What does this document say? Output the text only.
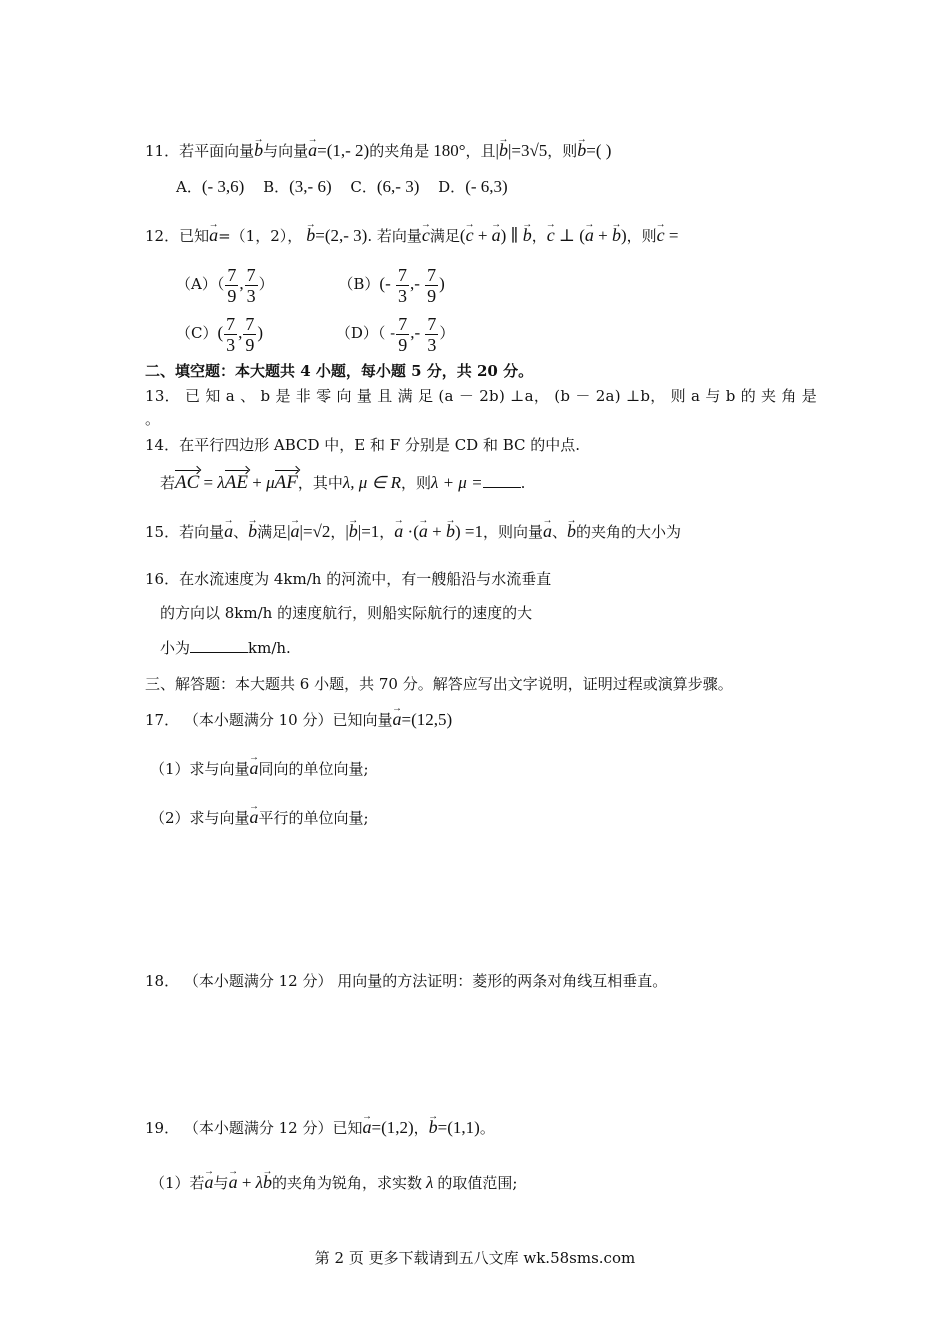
11．若平面向量→ b与向量→ a=(1,- 2)的夹角是 180°，且|→ b|=3√5，则→ b=( )
A．(- 3,6) B．(3,- 6) C．(6,- 3) D．(- 6,3)
12．已知→ a=（1，2），→ b=(2,- 3). 若向量→ c满足(→ c + → a) ∥ → b，→ c ⊥ (→ a + → b)，则→ c =
$(A)( \frac{7}{9}$ , $\frac{7}{3}$ ）	$(B)(- \frac{7}{3}$ ,- $\frac{7}{9}$ )
$(C)( \frac{7}{3}$ , $\frac{7}{9}$ )	$(D)( - \frac{7}{9}$ ,- $\frac{7}{3}$ ）
二、填空题：本大题共 4 小题，每小题 5 分，共 20 分。
13． 已 知 a 、 b 是 非 零 向 量 且 满 足 (a － 2b) ⊥a， (b － 2a) ⊥b， 则 a 与 b 的 夹 角 是
。
14．在平行四边形 ABCD 中，E 和 F 分别是 CD 和 BC 的中点.
若AC = λAE + μAF，其中λ, μ ∈ R，则λ + μ =	.
15．若向量→ a、→ b满足|→ a|=√2，|→ b|=1，→ a ·(→ a + → b) =1，则向量→ a、→ b的夹角的大小为
16．在水流速度为 4km/h 的河流中，有一艘船沿与水流垂直
的方向以 8km/h 的速度航行，则船实际航行的速度的大
小为	km/h.
三、解答题：本大题共 6 小题，共 70 分。解答应写出文字说明，证明过程或演算步骤。
17． （本小题满分 10 分）已知向量→ a=(12,5)
（1）求与向量→ a同向的单位向量;
（2）求与向量→ a平行的单位向量;
18． （本小题满分 12 分） 用向量的方法证明：菱形的两条对角线互相垂直。
19． （本小题满分 12 分）已知→ a=(1,2)，→ b=(1,1)。
（1）若→ a与→ a + λ→ b的夹角为锐角，求实数 λ 的取值范围;
第 2 页 更多下载请到五八文库 wk.58sms.com
